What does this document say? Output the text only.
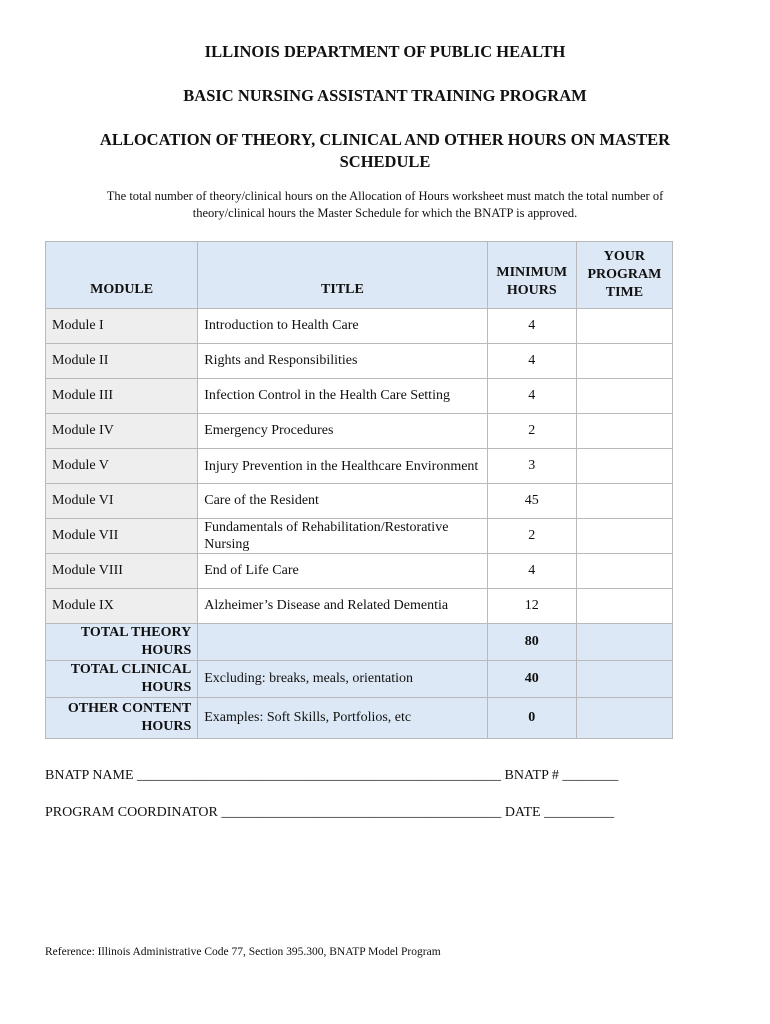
ILLINOIS DEPARTMENT OF PUBLIC HEALTH
BASIC NURSING ASSISTANT TRAINING PROGRAM
ALLOCATION OF THEORY, CLINICAL AND OTHER HOURS ON MASTER SCHEDULE
The total number of theory/clinical hours on the Allocation of Hours worksheet must match the total number of theory/clinical hours the Master Schedule for which the BNATP is approved.
MODULE	TITLE	MINIMUM HOURS	YOUR PROGRAM TIME
Module I	Introduction to Health Care	4	
Module II	Rights and Responsibilities	4	
Module III	Infection Control in the Health Care Setting	4	
Module IV	Emergency Procedures	2	
Module V	Injury Prevention in the Healthcare Environment	3	
Module VI	Care of the Resident	45	
Module VII	Fundamentals of Rehabilitation/Restorative Nursing	2	
Module VIII	End of Life Care	4	
Module IX	Alzheimer’s Disease and Related Dementia	12	
TOTAL THEORY HOURS		80	
TOTAL CLINICAL HOURS	Excluding: breaks, meals, orientation	40	
OTHER CONTENT HOURS	Examples: Soft Skills, Portfolios, etc	0	
BNATP NAME ____________________________________________________ BNATP # ________
PROGRAM COORDINATOR ________________________________________ DATE __________
Reference: Illinois Administrative Code 77, Section 395.300, BNATP Model Program
